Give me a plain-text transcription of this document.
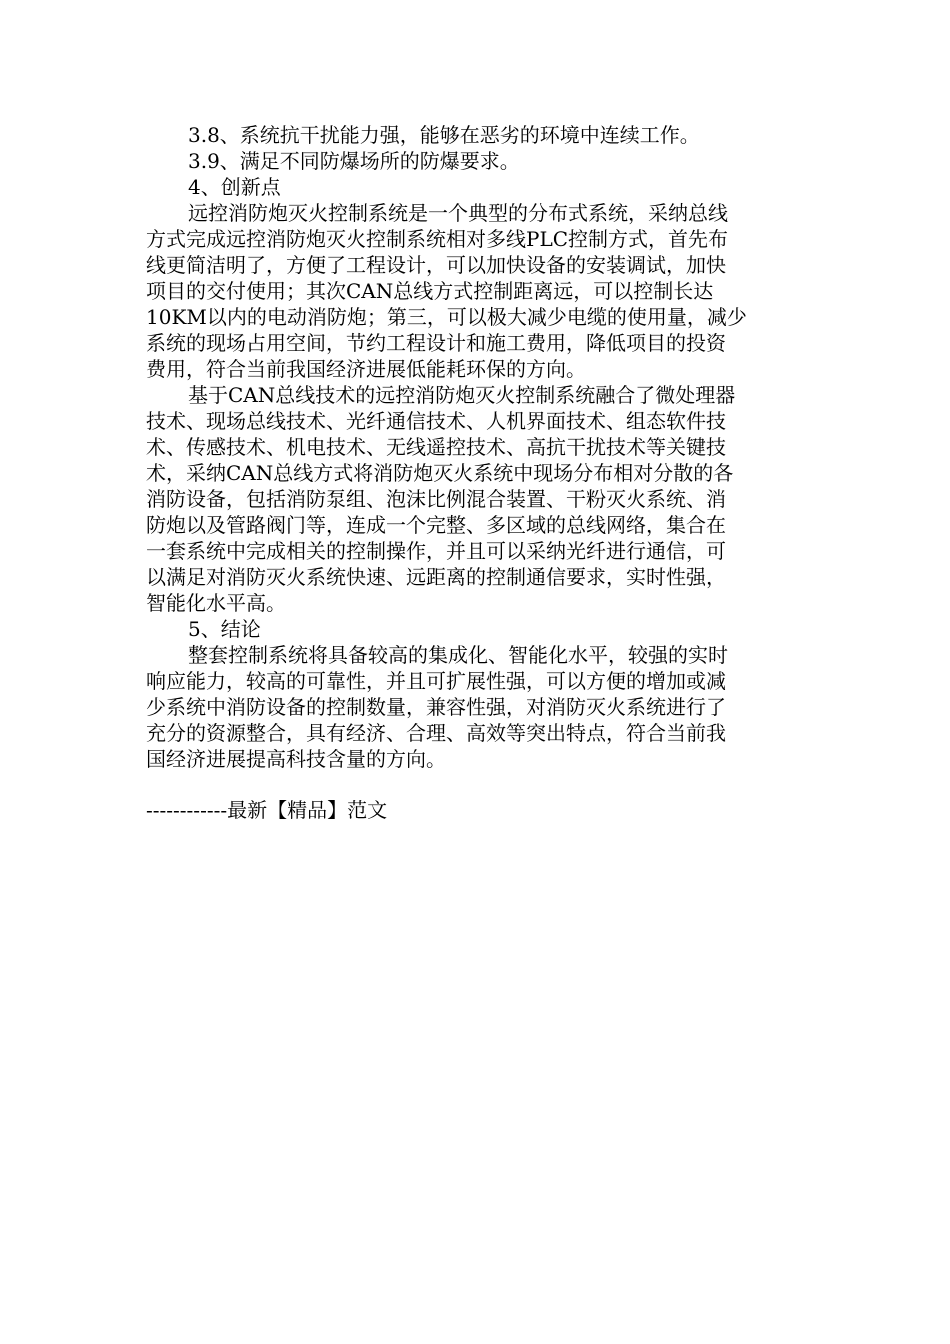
3.8、系统抗干扰能力强，能够在恶劣的环境中连续工作。
3.9、满足不同防爆场所的防爆要求。
4、创新点
远控消防炮灭火控制系统是一个典型的分布式系统，采纳总线
方式完成远控消防炮灭火控制系统相对多线PLC控制方式，首先布
线更简洁明了，方便了工程设计，可以加快设备的安装调试，加快
项目的交付使用；其次CAN总线方式控制距离远，可以控制长达
10KM以内的电动消防炮；第三，可以极大减少电缆的使用量，减少
系统的现场占用空间，节约工程设计和施工费用，降低项目的投资
费用，符合当前我国经济进展低能耗环保的方向。
基于CAN总线技术的远控消防炮灭火控制系统融合了微处理器
技术、现场总线技术、光纤通信技术、人机界面技术、组态软件技
术、传感技术、机电技术、无线遥控技术、高抗干扰技术等关键技
术，采纳CAN总线方式将消防炮灭火系统中现场分布相对分散的各
消防设备，包括消防泵组、泡沫比例混合装置、干粉灭火系统、消
防炮以及管路阀门等，连成一个完整、多区域的总线网络，集合在
一套系统中完成相关的控制操作，并且可以采纳光纤进行通信，可
以满足对消防灭火系统快速、远距离的控制通信要求，实时性强，
智能化水平高。
5、结论
整套控制系统将具备较高的集成化、智能化水平，较强的实时
响应能力，较高的可靠性，并且可扩展性强，可以方便的增加或减
少系统中消防设备的控制数量，兼容性强，对消防灭火系统进行了
充分的资源整合，具有经济、合理、高效等突出特点，符合当前我
国经济进展提高科技含量的方向。
------------最新【精品】范文
